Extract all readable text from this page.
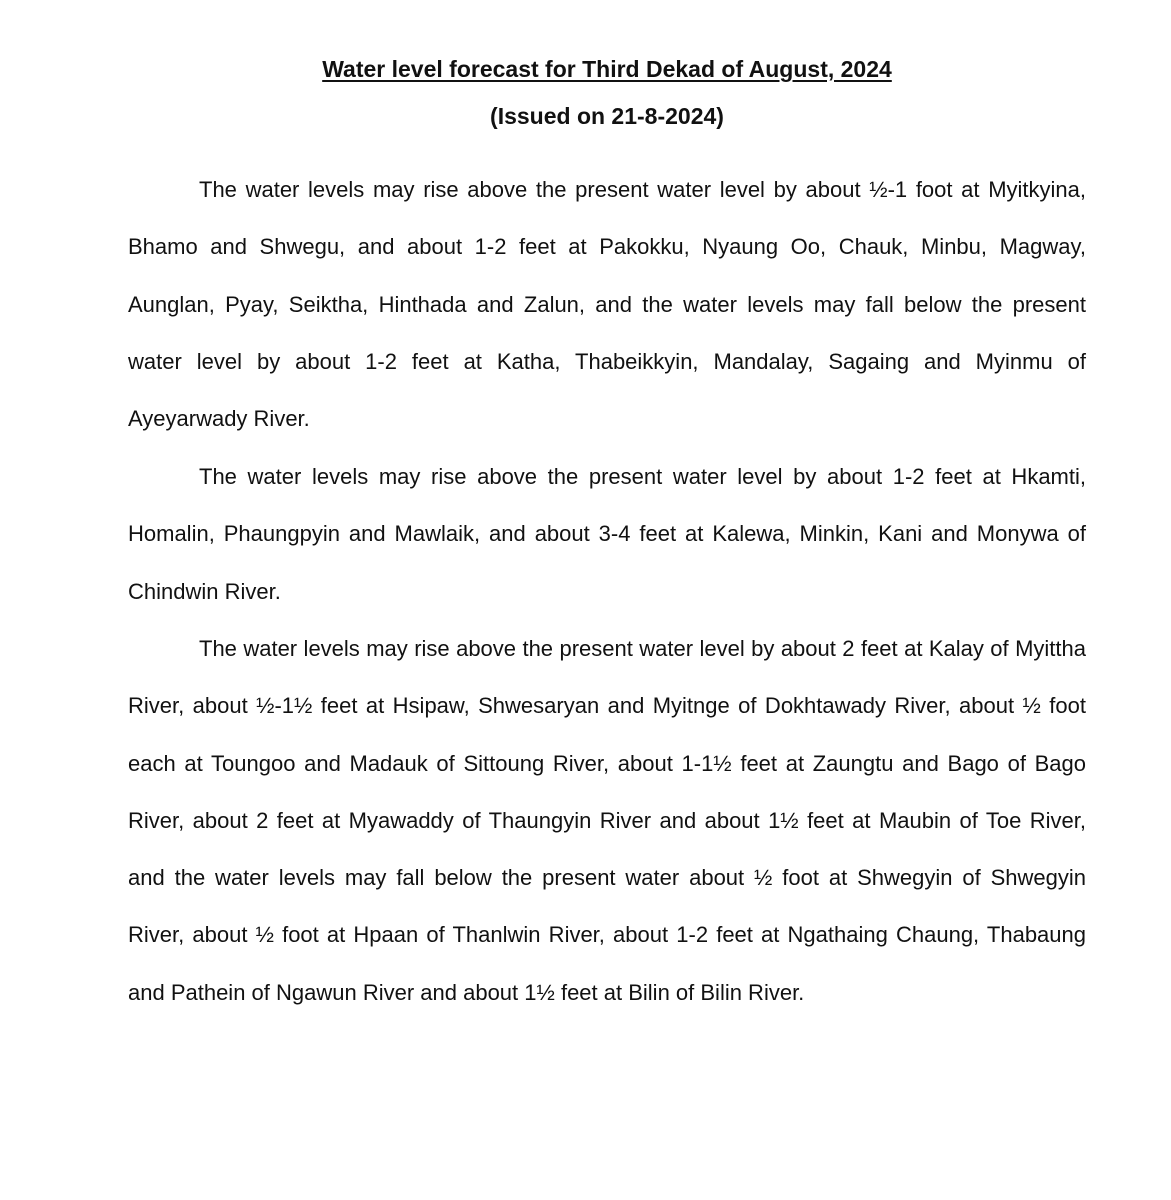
Water level forecast for Third Dekad of August, 2024
(Issued on 21-8-2024)

The water levels may rise above the present water level by about ½-1 foot at Myitkyina, Bhamo and Shwegu, and about 1-2 feet at Pakokku, Nyaung Oo, Chauk, Minbu, Magway, Aunglan, Pyay, Seiktha, Hinthada and Zalun, and the water levels may fall below the present water level by about 1-2 feet at Katha, Thabeikkyin, Mandalay, Sagaing and Myinmu of Ayeyarwady River.

The water levels may rise above the present water level by about 1-2 feet at Hkamti, Homalin, Phaungpyin and Mawlaik, and about 3-4 feet at Kalewa, Minkin, Kani and Monywa of Chindwin River.

The water levels may rise above the present water level by about 2 feet at Kalay of Myittha River, about ½-1½ feet at Hsipaw, Shwesaryan and Myitnge of Dokhtawady River, about ½ foot each at Toungoo and Madauk of Sittoung River, about 1-1½ feet at Zaungtu and Bago of Bago River, about 2 feet at Myawaddy of Thaungyin River and about 1½ feet at Maubin of Toe River, and the water levels may fall below the present water about ½ foot at Shwegyin of Shwegyin River, about ½ foot at Hpaan of Thanlwin River, about 1-2 feet at Ngathaing Chaung, Thabaung and Pathein of Ngawun River and about 1½ feet at Bilin of Bilin River.
